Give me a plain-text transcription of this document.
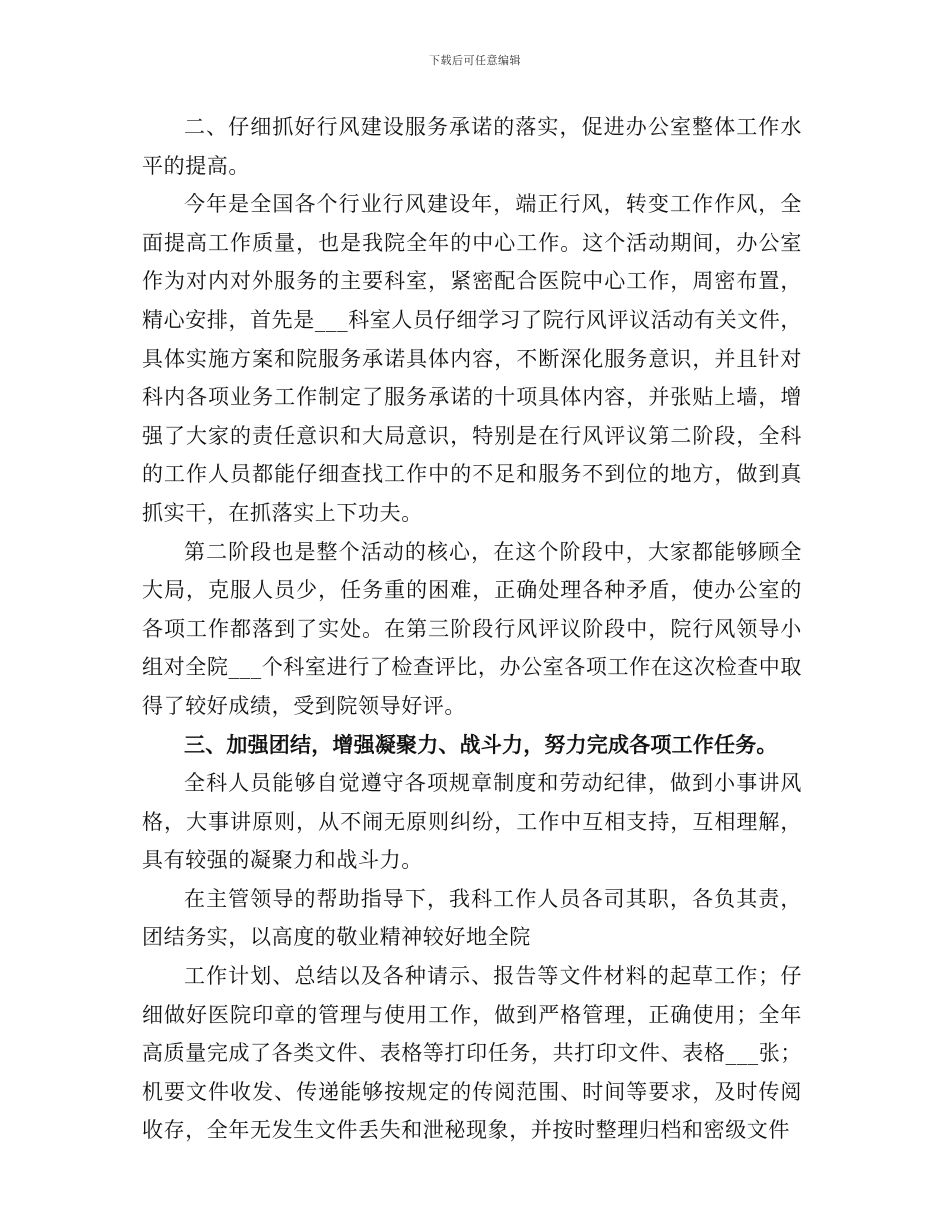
下载后可任意编辑

二、仔细抓好行风建设服务承诺的落实，促进办公室整体工作水平的提高。

今年是全国各个行业行风建设年，端正行风，转变工作作风，全面提高工作质量，也是我院全年的中心工作。这个活动期间，办公室作为对内对外服务的主要科室，紧密配合医院中心工作，周密布置，精心安排，首先是___科室人员仔细学习了院行风评议活动有关文件，具体实施方案和院服务承诺具体内容，不断深化服务意识，并且针对科内各项业务工作制定了服务承诺的十项具体内容，并张贴上墙，增强了大家的责任意识和大局意识，特别是在行风评议第二阶段，全科的工作人员都能仔细查找工作中的不足和服务不到位的地方，做到真抓实干，在抓落实上下功夫。

第二阶段也是整个活动的核心，在这个阶段中，大家都能够顾全大局，克服人员少，任务重的困难，正确处理各种矛盾，使办公室的各项工作都落到了实处。在第三阶段行风评议阶段中，院行风领导小组对全院___个科室进行了检查评比，办公室各项工作在这次检查中取得了较好成绩，受到院领导好评。

三、加强团结，增强凝聚力、战斗力，努力完成各项工作任务。

全科人员能够自觉遵守各项规章制度和劳动纪律，做到小事讲风格，大事讲原则，从不闹无原则纠纷，工作中互相支持，互相理解，具有较强的凝聚力和战斗力。

在主管领导的帮助指导下，我科工作人员各司其职，各负其责，团结务实，以高度的敬业精神较好地全院

工作计划、总结以及各种请示、报告等文件材料的起草工作；仔细做好医院印章的管理与使用工作，做到严格管理，正确使用；全年高质量完成了各类文件、表格等打印任务，共打印文件、表格___张；机要文件收发、传递能够按规定的传阅范围、时间等要求，及时传阅收存，全年无发生文件丢失和泄秘现象，并按时整理归档和密级文件
